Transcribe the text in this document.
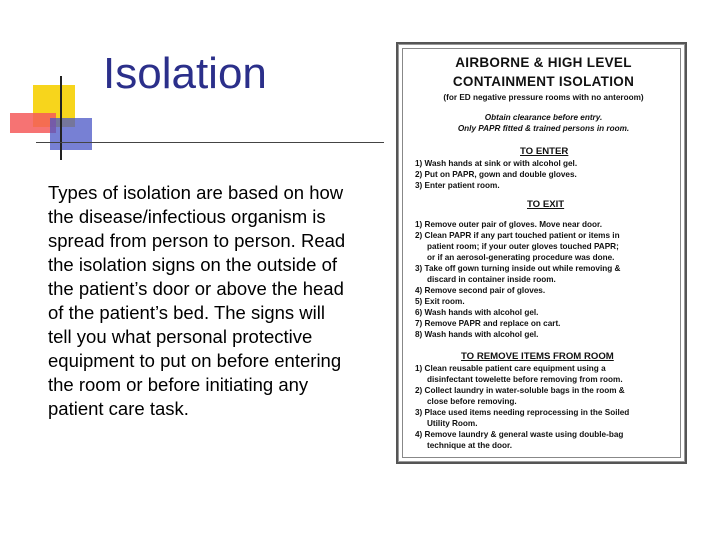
Isolation

Types of isolation are based on how the disease/infectious organism is spread from person to person. Read the isolation signs on the outside of the patient’s door or above the head of the patient’s bed. The signs will tell you what personal protective equipment to put on before entering the room or before initiating any patient care task.

AIRBORNE & HIGH LEVEL
CONTAINMENT ISOLATION
(for ED negative pressure rooms with no anteroom)
Obtain clearance before entry.
Only PAPR fitted & trained persons in room.
TO ENTER
1) Wash hands at sink or with alcohol gel.
2) Put on PAPR, gown and double gloves.
3) Enter patient room.
TO EXIT
1) Remove outer pair of gloves. Move near door.
2) Clean PAPR if any part touched patient or items in
patient room; if your outer gloves touched PAPR;
or if an aerosol-generating procedure was done.
3) Take off gown turning inside out while removing &
discard in container inside room.
4) Remove second pair of gloves.
5) Exit room.
6) Wash hands with alcohol gel.
7) Remove PAPR and replace on cart.
8) Wash hands with alcohol gel.
TO REMOVE ITEMS FROM ROOM
1) Clean reusable patient care equipment using a
disinfectant towelette before removing from room.
2) Collect laundry in water-soluble bags in the room &
close before removing.
3) Place used items needing reprocessing in the Soiled
Utility Room.
4) Remove laundry & general waste using double-bag
technique at the door.
